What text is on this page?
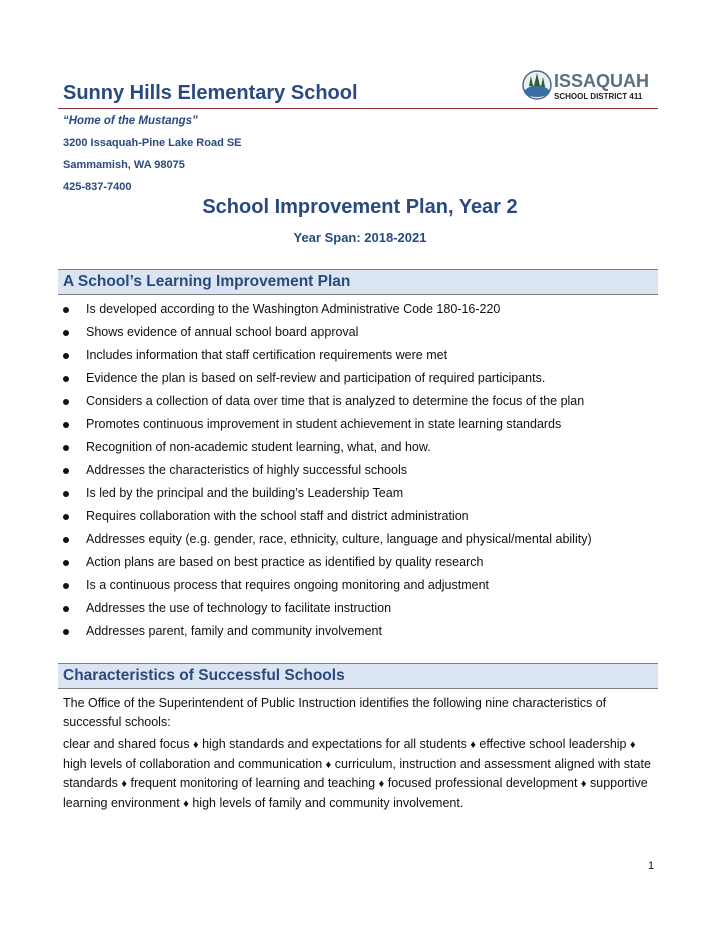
Sunny Hills Elementary School
ISSAQUAH
SCHOOL DISTRICT 411
“Home of the Mustangs”
3200 Issaquah-Pine Lake Road SE
Sammamish, WA 98075
425-837-7400
School Improvement Plan, Year 2
Year Span: 2018-2021
A School’s Learning Improvement Plan
Is developed according to the Washington Administrative Code 180-16-220
Shows evidence of annual school board approval
Includes information that staff certification requirements were met
Evidence the plan is based on self-review and participation of required participants.
Considers a collection of data over time that is analyzed to determine the focus of the plan
Promotes continuous improvement in student achievement in state learning standards
Recognition of non-academic student learning, what, and how.
Addresses the characteristics of highly successful schools
Is led by the principal and the building’s Leadership Team
Requires collaboration with the school staff and district administration
Addresses equity (e.g. gender, race, ethnicity, culture, language and physical/mental ability)
Action plans are based on best practice as identified by quality research
Is a continuous process that requires ongoing monitoring and adjustment
Addresses the use of technology to facilitate instruction
Addresses parent, family and community involvement
Characteristics of Successful Schools
The Office of the Superintendent of Public Instruction identifies the following nine characteristics of successful schools:
clear and shared focus ♦ high standards and expectations for all students ♦ effective school leadership ♦ high levels of collaboration and communication ♦ curriculum, instruction and assessment aligned with state standards ♦ frequent monitoring of learning and teaching ♦ focused professional development ♦ supportive learning environment ♦ high levels of family and community involvement.
1
